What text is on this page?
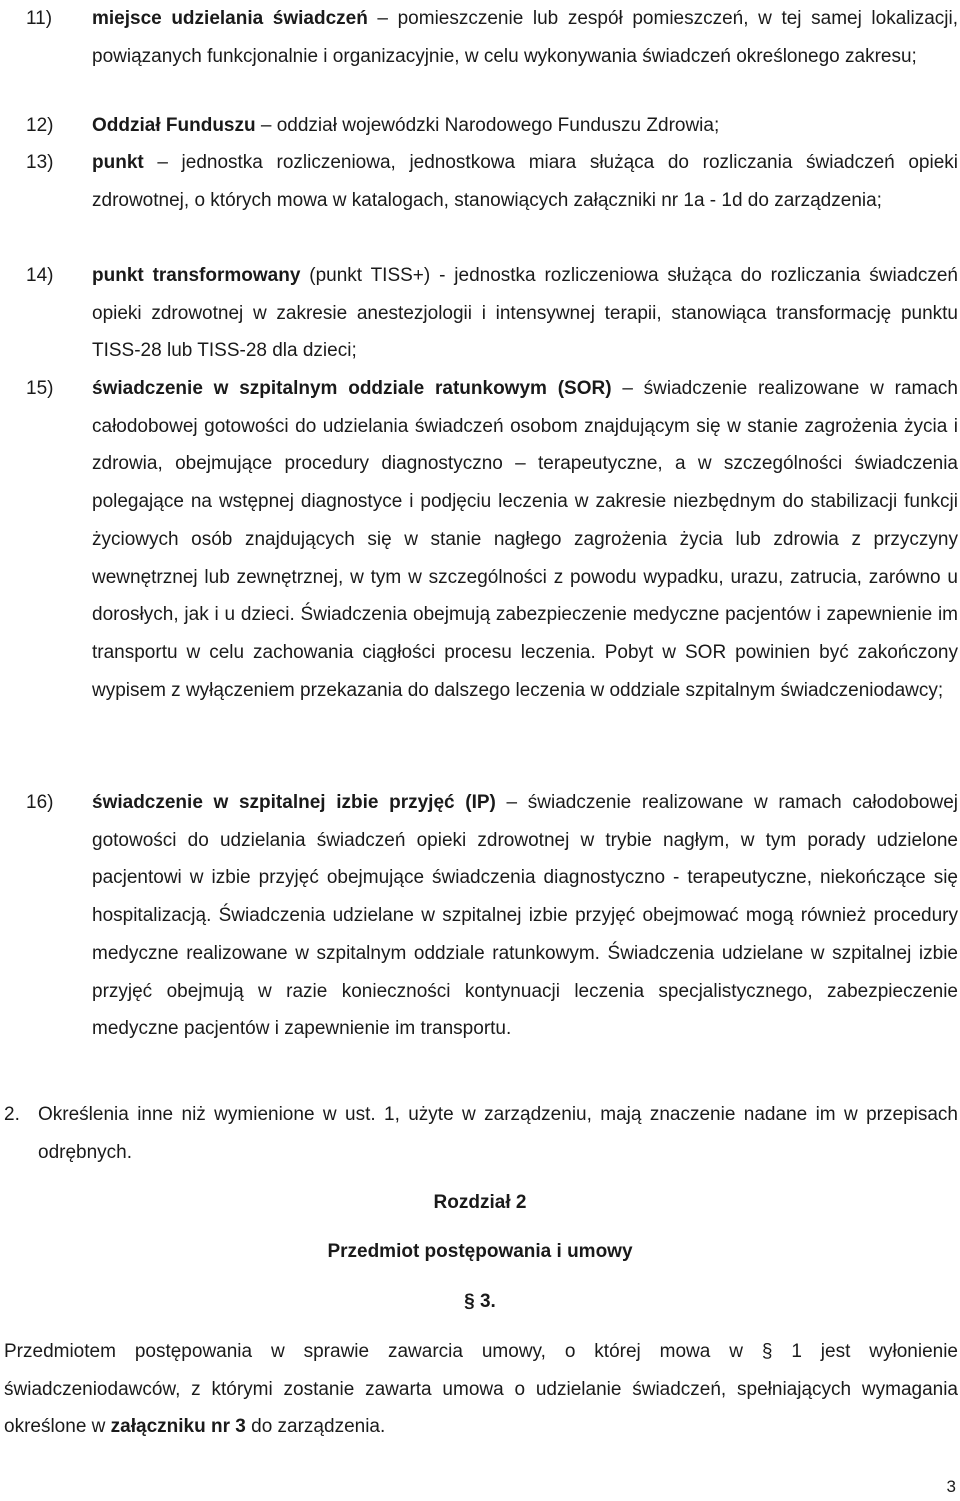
11) miejsce udzielania świadczeń – pomieszczenie lub zespół pomieszczeń, w tej samej lokalizacji, powiązanych funkcjonalnie i organizacyjnie, w celu wykonywania świadczeń określonego zakresu;
12) Oddział Funduszu – oddział wojewódzki Narodowego Funduszu Zdrowia;
13) punkt – jednostka rozliczeniowa, jednostkowa miara służąca do rozliczania świadczeń opieki zdrowotnej, o których mowa w katalogach, stanowiących załączniki nr 1a - 1d do zarządzenia;
14) punkt transformowany (punkt TISS+) - jednostka rozliczeniowa służąca do rozliczania świadczeń opieki zdrowotnej w zakresie anestezjologii i intensywnej terapii, stanowiąca transformację punktu TISS-28 lub TISS-28 dla dzieci;
15) świadczenie w szpitalnym oddziale ratunkowym (SOR) – świadczenie realizowane w ramach całodobowej gotowości do udzielania świadczeń osobom znajdującym się w stanie zagrożenia życia i zdrowia, obejmujące procedury diagnostyczno – terapeutyczne, a w szczególności świadczenia polegające na wstępnej diagnostyce i podjęciu leczenia w zakresie niezbędnym do stabilizacji funkcji życiowych osób znajdujących się w stanie nagłego zagrożenia życia lub zdrowia z przyczyny wewnętrznej lub zewnętrznej, w tym w szczególności z powodu wypadku, urazu, zatrucia, zarówno u dorosłych, jak i u dzieci. Świadczenia obejmują zabezpieczenie medyczne pacjentów i zapewnienie im transportu w celu zachowania ciągłości procesu leczenia. Pobyt w SOR powinien być zakończony wypisem z wyłączeniem przekazania do dalszego leczenia w oddziale szpitalnym świadczeniodawcy;
16) świadczenie w szpitalnej izbie przyjęć (IP) – świadczenie realizowane w ramach całodobowej gotowości do udzielania świadczeń opieki zdrowotnej w trybie nagłym, w tym porady udzielone pacjentowi w izbie przyjęć obejmujące świadczenia diagnostyczno - terapeutyczne, niekończące się hospitalizacją. Świadczenia udzielane w szpitalnej izbie przyjęć obejmować mogą również procedury medyczne realizowane w szpitalnym oddziale ratunkowym. Świadczenia udzielane w szpitalnej izbie przyjęć obejmują w razie konieczności kontynuacji leczenia specjalistycznego, zabezpieczenie medyczne pacjentów i zapewnienie im transportu.
2. Określenia inne niż wymienione w ust. 1, użyte w zarządzeniu, mają znaczenie nadane im w przepisach odrębnych.
Rozdział 2
Przedmiot postępowania i umowy
§ 3.
Przedmiotem postępowania w sprawie zawarcia umowy, o której mowa w § 1 jest wyłonienie świadczeniodawców, z którymi zostanie zawarta umowa o udzielanie świadczeń, spełniających wymagania określone w załączniku nr 3 do zarządzenia.
3
